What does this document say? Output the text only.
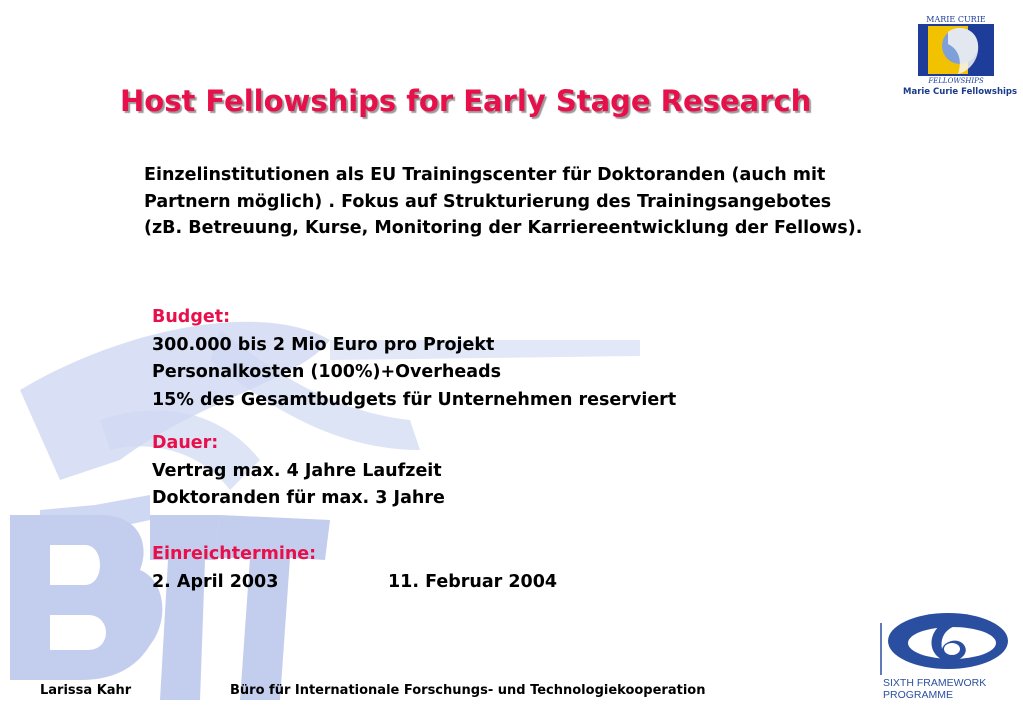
Host Fellowships for Early Stage Research
MARIE CURIE
FELLOWSHIPS
Marie Curie Fellowships

Einzelinstitutionen als EU Trainingscenter für Doktoranden (auch mit Partnern möglich) . Fokus auf Strukturierung des Trainingsangebotes (zB. Betreuung, Kurse, Monitoring der Karriereentwicklung der Fellows).

Budget:
300.000 bis 2 Mio Euro pro Projekt
Personalkosten (100%)+Overheads
15% des Gesamtbudgets für Unternehmen reserviert
Dauer:
Vertrag max. 4 Jahre Laufzeit
Doktoranden für max. 3 Jahre
Einreichtermine:
2. April 2003	11. Februar 2004
SIXTH FRAMEWORK
PROGRAMME
Larissa Kahr	Büro für Internationale Forschungs- und Technologiekooperation
